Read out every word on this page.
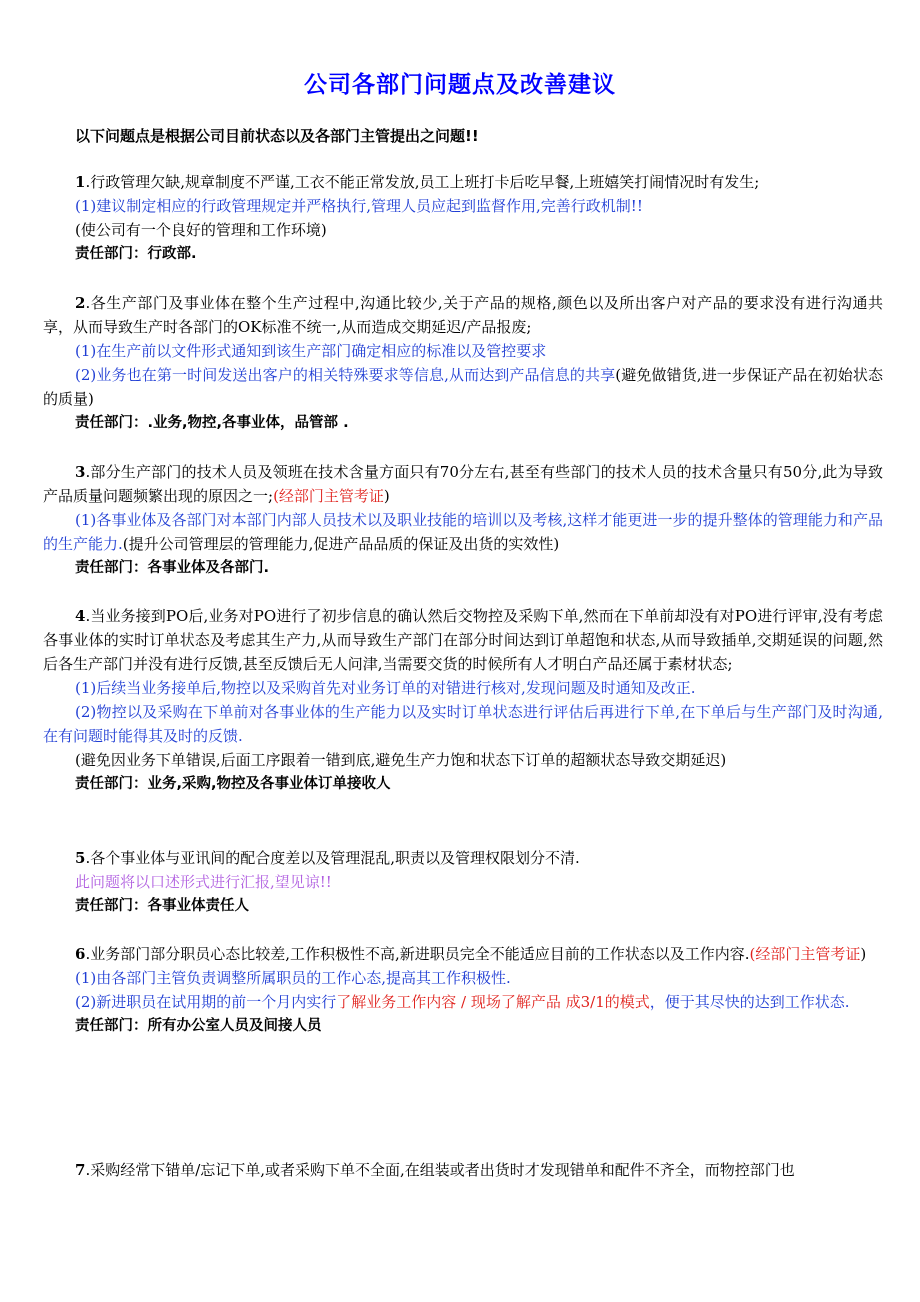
公司各部门问题点及改善建议
以下问题点是根据公司目前状态以及各部门主管提出之问题!!

1.行政管理欠缺,规章制度不严谨,工衣不能正常发放,员工上班打卡后吃早餐,上班嬉笑打闹情况时有发生;

(1)建议制定相应的行政管理规定并严格执行,管理人员应起到监督作用,完善行政机制!!

(使公司有一个良好的管理和工作环境)

责任部门：行政部.

2.各生产部门及事业体在整个生产过程中,沟通比较少,关于产品的规格,颜色以及所出客户对产品的要求没有进行沟通共享，从而导致生产时各部门的OK标准不统一,从而造成交期延迟/产品报废;

(1)在生产前以文件形式通知到该生产部门确定相应的标准以及管控要求

(2)业务也在第一时间发送出客户的相关特殊要求等信息,从而达到产品信息的共享(避免做错货,进一步保证产品在初始状态的质量)

责任部门：.业务,物控,各事业体，品管部 .

3.部分生产部门的技术人员及领班在技术含量方面只有70分左右,甚至有些部门的技术人员的技术含量只有50分,此为导致产品质量问题频繁出现的原因之一;(经部门主管考证)

(1)各事业体及各部门对本部门内部人员技术以及职业技能的培训以及考核,这样才能更进一步的提升整体的管理能力和产品的生产能力.(提升公司管理层的管理能力,促进产品品质的保证及出货的实效性)

责任部门：各事业体及各部门.

4.当业务接到PO后,业务对PO进行了初步信息的确认然后交物控及采购下单,然而在下单前却没有对PO进行评审,没有考虑各事业体的实时订单状态及考虑其生产力,从而导致生产部门在部分时间达到订单超饱和状态,从而导致插单,交期延误的问题,然后各生产部门并没有进行反馈,甚至反馈后无人问津,当需要交货的时候所有人才明白产品还属于素材状态;

(1)后续当业务接单后,物控以及采购首先对业务订单的对错进行核对,发现问题及时通知及改正.

(2)物控以及采购在下单前对各事业体的生产能力以及实时订单状态进行评估后再进行下单,在下单后与生产部门及时沟通,在有问题时能得其及时的反馈.

(避免因业务下单错误,后面工序跟着一错到底,避免生产力饱和状态下订单的超额状态导致交期延迟)

责任部门：业务,采购,物控及各事业体订单接收人

5.各个事业体与亚讯间的配合度差以及管理混乱,职责以及管理权限划分不清.

此问题将以口述形式进行汇报,望见谅!!

责任部门：各事业体责任人

6.业务部门部分职员心态比较差,工作积极性不高,新进职员完全不能适应目前的工作状态以及工作内容.(经部门主管考证)

(1)由各部门主管负责调整所属职员的工作心态,提高其工作积极性.

(2)新进职员在试用期的前一个月内实行了解业务工作内容 / 现场了解产品 成3/1的模式，便于其尽快的达到工作状态.

责任部门：所有办公室人员及间接人员

7.采购经常下错单/忘记下单,或者采购下单不全面,在组装或者出货时才发现错单和配件不齐全，而物控部门也
